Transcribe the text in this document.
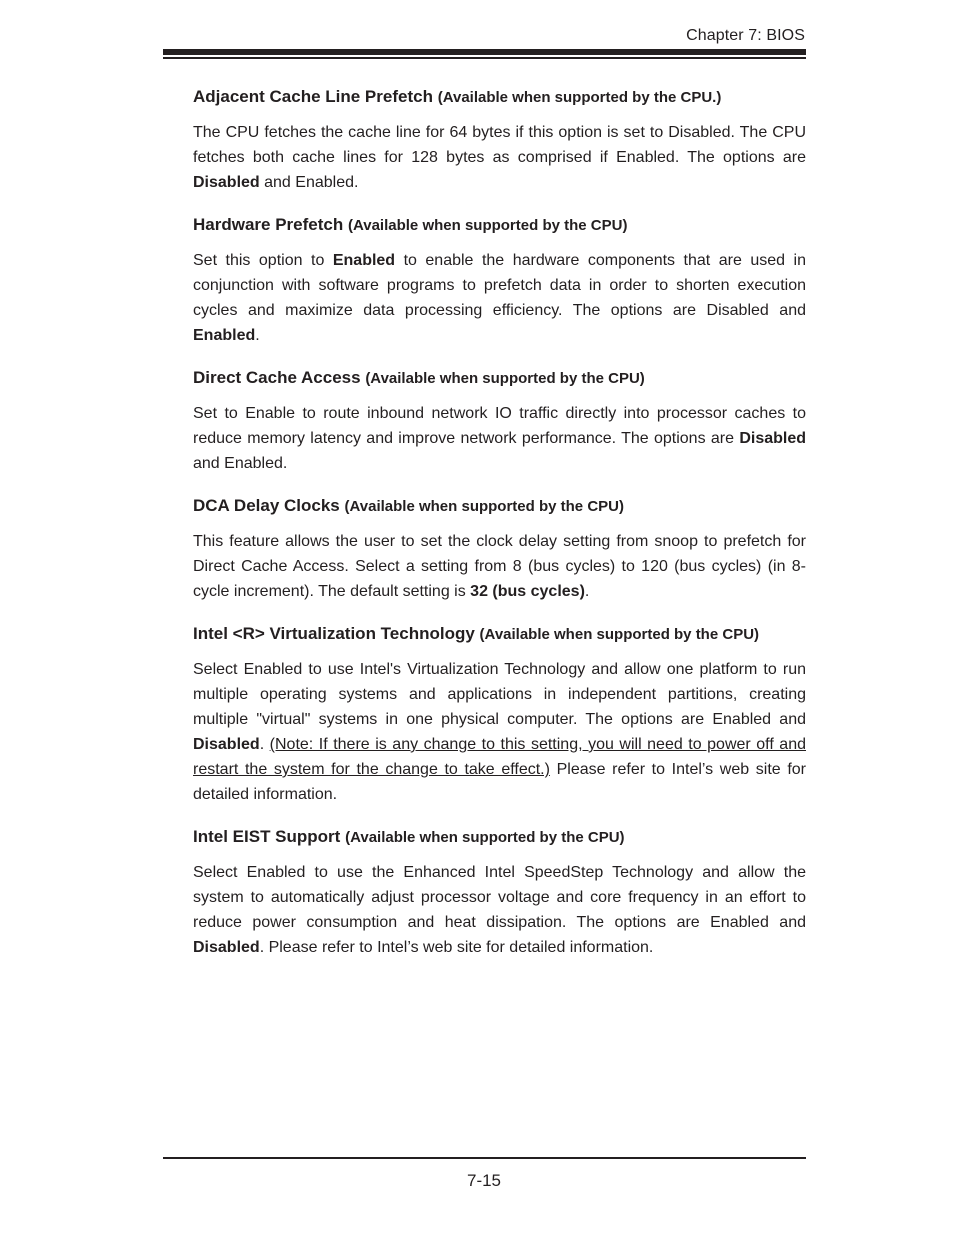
Chapter 7: BIOS
Adjacent Cache Line Prefetch (Available when supported by the CPU.)

The CPU fetches the cache line for 64 bytes if this option is set to Disabled. The CPU fetches both cache lines for 128 bytes as comprised if Enabled. The options are Disabled and Enabled.

Hardware Prefetch (Available when supported by the CPU)

Set this option to Enabled to enable the hardware components that are used in conjunction with software programs to prefetch data in order to shorten execution cycles and maximize data processing efficiency. The options are Disabled and Enabled.

Direct Cache Access (Available when supported by the CPU)

Set to Enable to route inbound network IO traffic directly into processor caches to reduce memory latency and improve network performance. The options are Disabled and Enabled.

DCA Delay Clocks (Available when supported by the CPU)

This feature allows the user to set the clock delay setting from snoop to prefetch for Direct Cache Access. Select a setting from 8 (bus cycles) to 120 (bus cycles) (in 8-cycle increment). The default setting is 32 (bus cycles).

Intel <R> Virtualization Technology (Available when supported by the CPU)

Select Enabled to use Intel's Virtualization Technology and allow one platform to run multiple operating systems and applications in independent partitions, creating multiple "virtual" systems in one physical computer. The options are Enabled and Disabled. (Note: If there is any change to this setting, you will need to power off and restart the system for the change to take effect.) Please refer to Intel’s web site for detailed information.

Intel EIST Support (Available when supported by the CPU)

Select Enabled to use the Enhanced Intel SpeedStep Technology and allow the system to automatically adjust processor voltage and core frequency in an effort to reduce power consumption and heat dissipation. The options are Enabled and Disabled. Please refer to Intel’s web site for detailed information.

7-15
